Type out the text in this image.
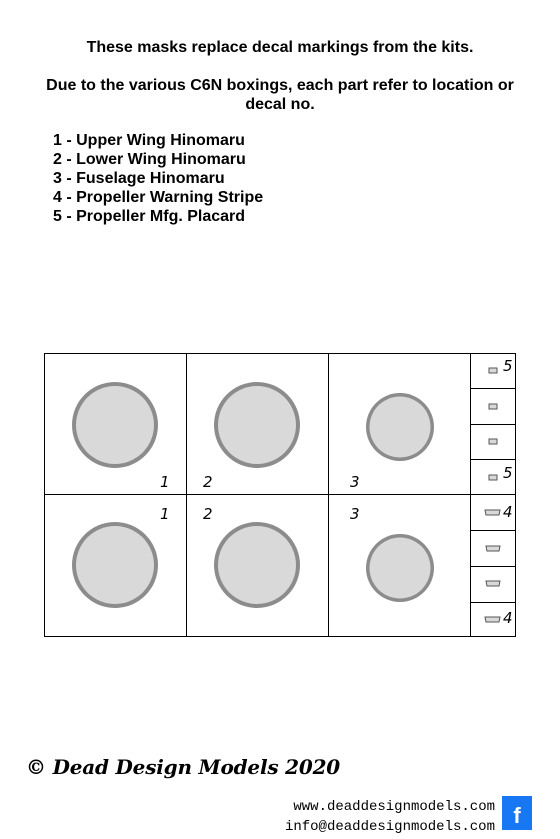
These masks replace decal markings from the kits.
Due to the various C6N boxings, each part refer to location or decal no.
1 - Upper Wing Hinomaru
2 - Lower Wing Hinomaru
3 - Fuselage Hinomaru
4 - Propeller Warning Stripe
5 - Propeller Mfg. Placard
1 2	3
1 2	3
5
5
4
4
© Dead Design Models 2020
www.deaddesignmodels.com
info@deaddesignmodels.com f
